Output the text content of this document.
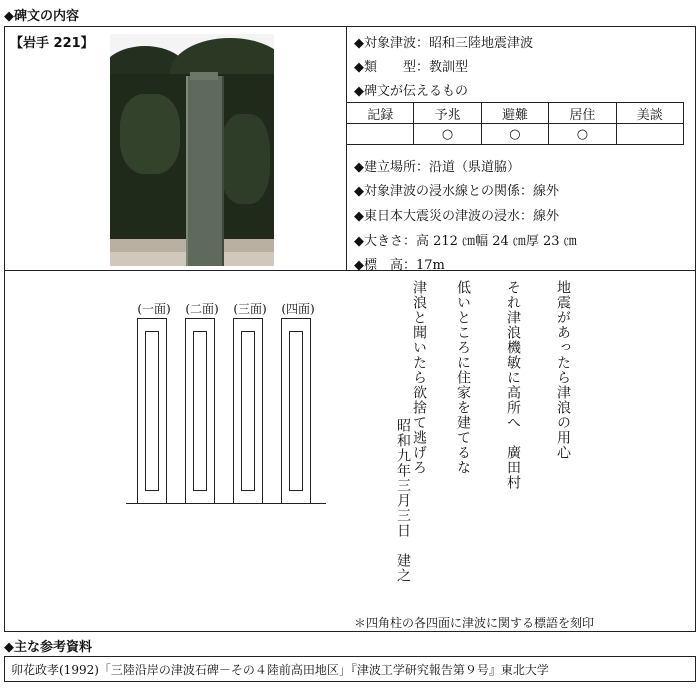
◆碑文の内容
【岩手 221】	◆対象津波：昭和三陸地震津波
◆類　　型：教訓型
◆碑文が伝えるもの
記録	予兆	避難	居住	美談
	○	○	○	
◆建立場所：沿道（県道脇）
◆対象津波の浸水線との関係：線外
◆東日本大震災の津波の浸水：線外
◆大きさ：高 212 ㎝幅 24 ㎝厚 23 ㎝
◆標　高：17m
(一面)	(二面)	(三面)	(四面)	地震があったら津浪の用心
それ津浪機敏に高所へ　廣田村
低いところに住家を建てるな
津浪と聞いたら欲捨て逃げろ
昭和九年三月三日　建之
＊四角柱の各四面に津波に関する標語を刻印
◆主な参考資料
卯花政孝(1992)「三陸沿岸の津波石碑－その４陸前高田地区」『津波工学研究報告第９号』東北大学
